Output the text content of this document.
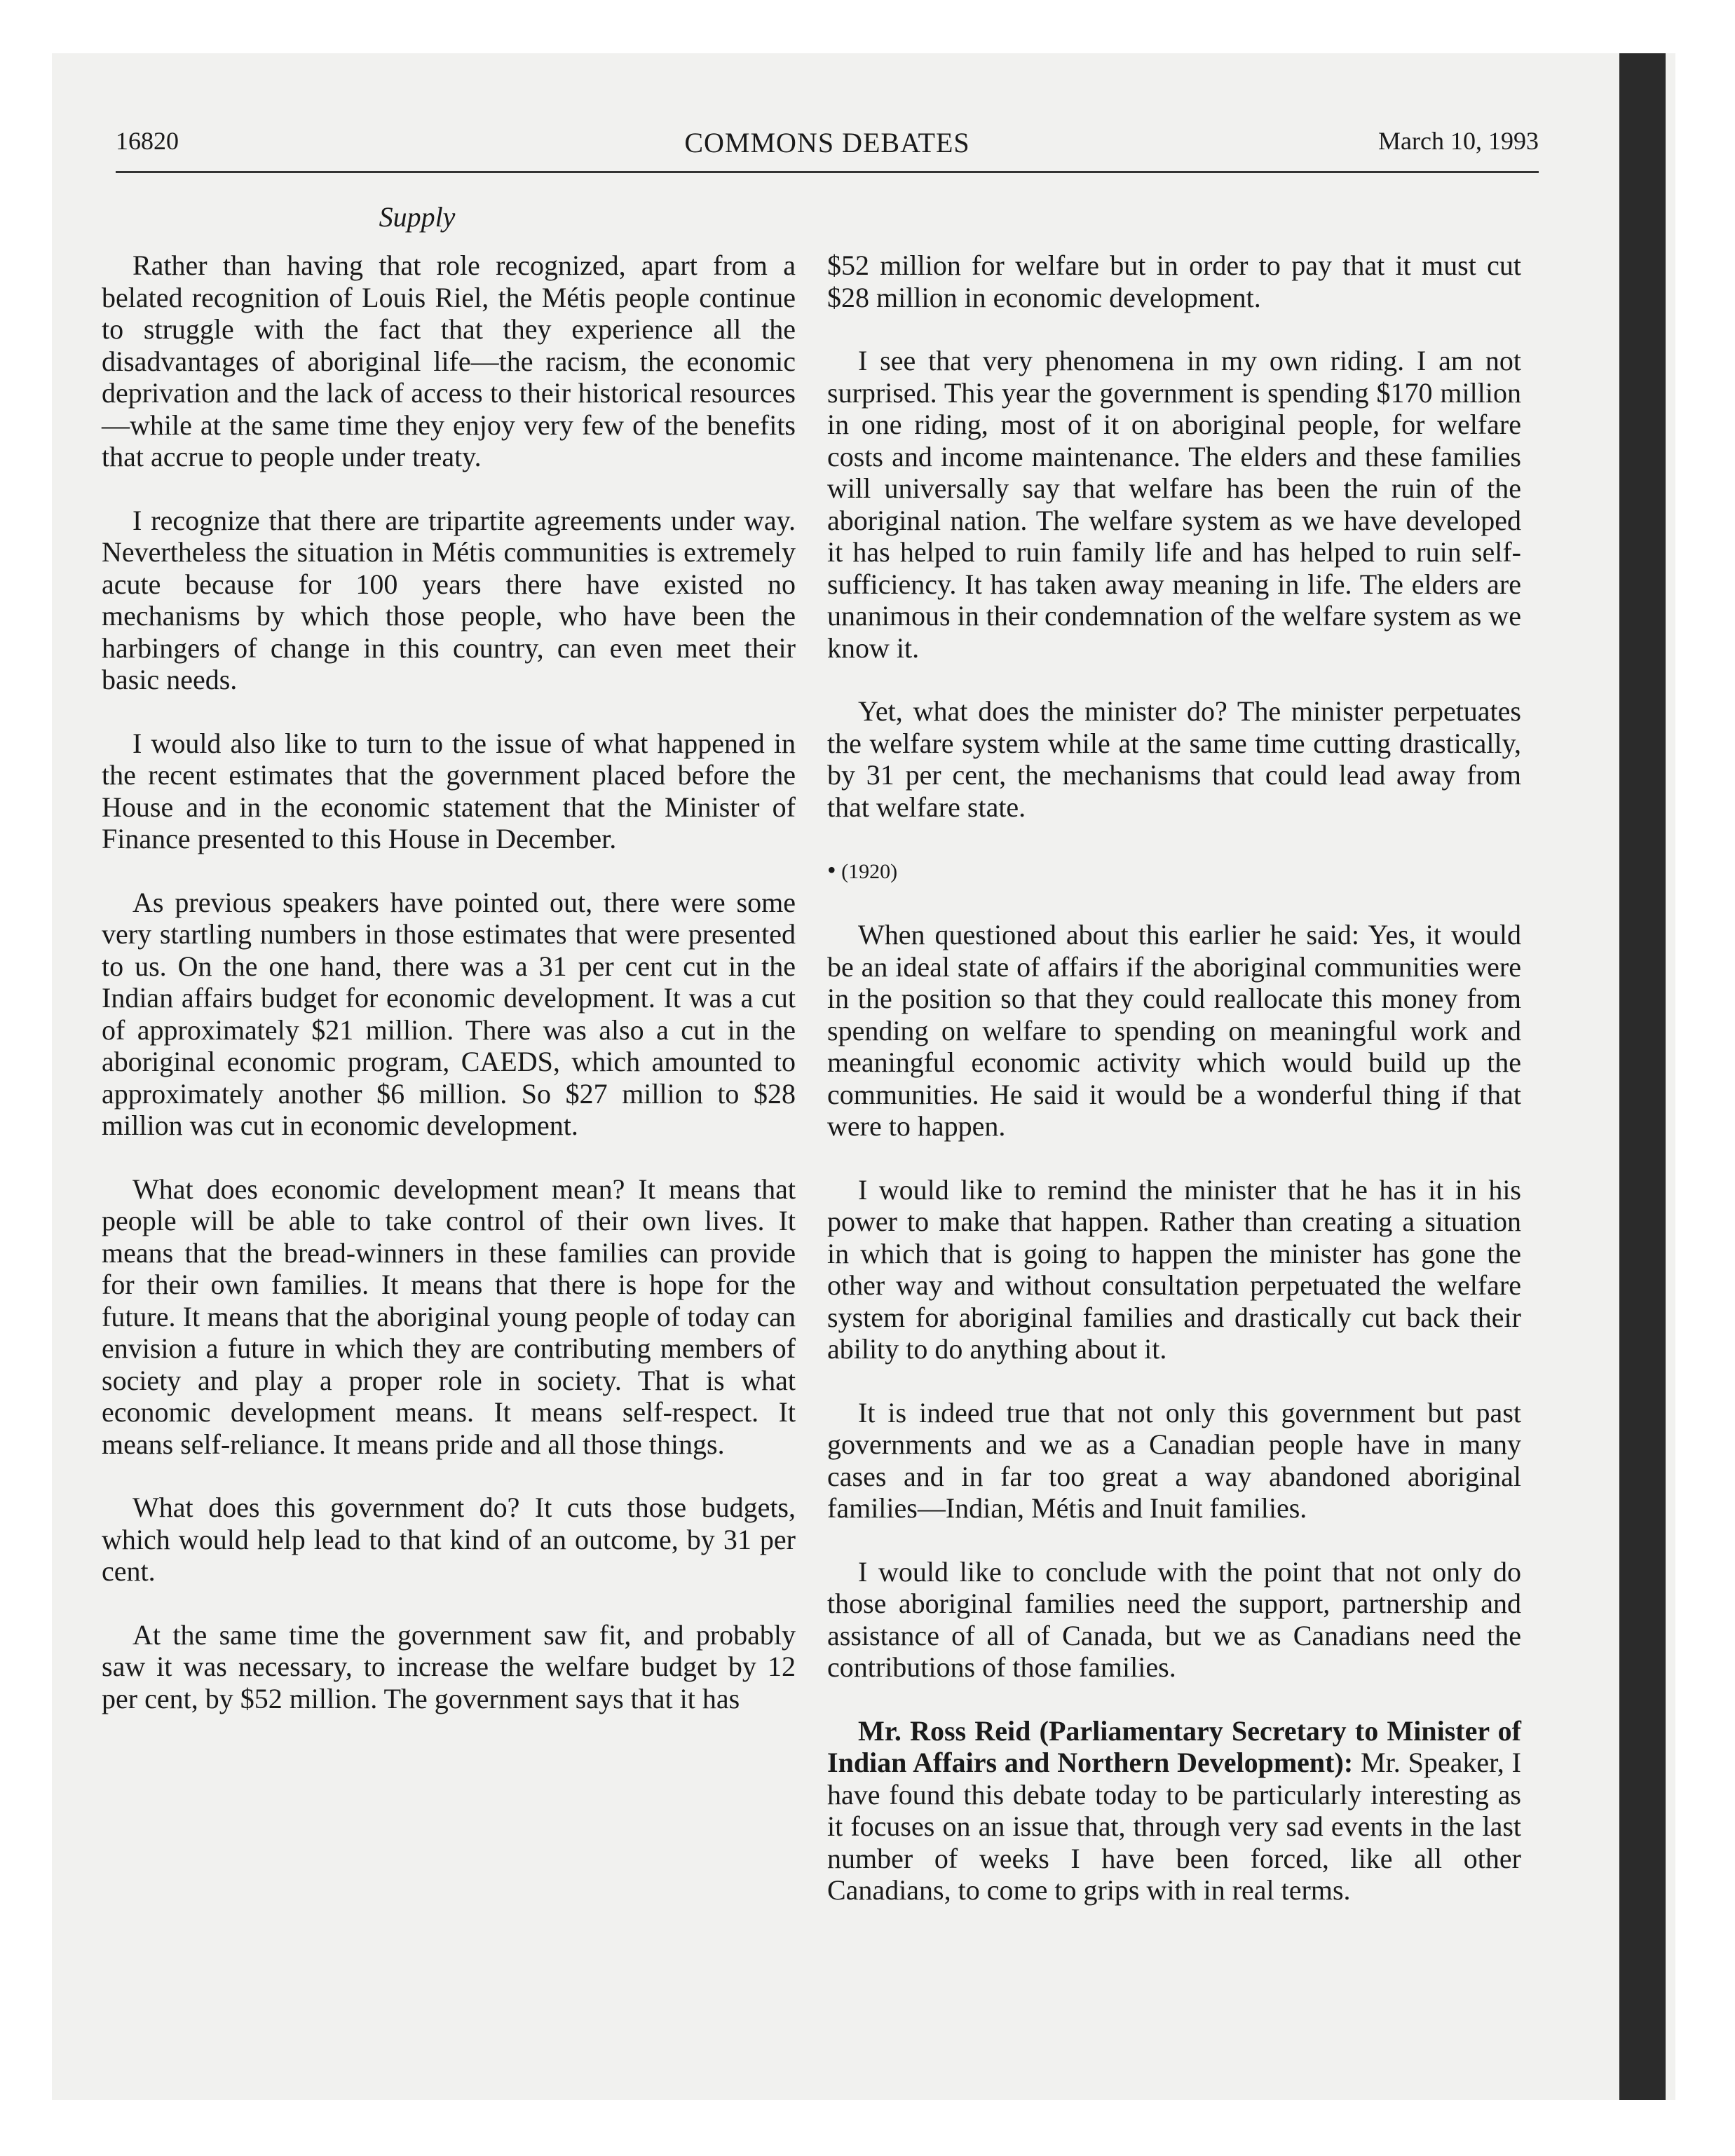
16820	COMMONS DEBATES	March 10, 1993
Supply

Rather than having that role recognized, apart from a belated recognition of Louis Riel, the Métis people continue to struggle with the fact that they experience all the disadvantages of aboriginal life—the racism, the economic deprivation and the lack of access to their historical resources—while at the same time they enjoy very few of the benefits that accrue to people under treaty.

I recognize that there are tripartite agreements under way. Nevertheless the situation in Métis communities is extremely acute because for 100 years there have existed no mechanisms by which those people, who have been the harbingers of change in this country, can even meet their basic needs.

I would also like to turn to the issue of what happened in the recent estimates that the government placed before the House and in the economic statement that the Minister of Finance presented to this House in December.

As previous speakers have pointed out, there were some very startling numbers in those estimates that were presented to us. On the one hand, there was a 31 per cent cut in the Indian affairs budget for economic development. It was a cut of approximately $21 million. There was also a cut in the aboriginal economic program, CAEDS, which amounted to approximately another $6 million. So $27 million to $28 million was cut in economic development.

What does economic development mean? It means that people will be able to take control of their own lives. It means that the bread-winners in these families can provide for their own families. It means that there is hope for the future. It means that the aboriginal young people of today can envision a future in which they are contributing members of society and play a proper role in society. That is what economic development means. It means self-respect. It means self-reliance. It means pride and all those things.

What does this government do? It cuts those budgets, which would help lead to that kind of an outcome, by 31 per cent.

At the same time the government saw fit, and probably saw it was necessary, to increase the welfare budget by 12 per cent, by $52 million. The government says that it has

$52 million for welfare but in order to pay that it must cut $28 million in economic development.

I see that very phenomena in my own riding. I am not surprised. This year the government is spending $170 million in one riding, most of it on aboriginal people, for welfare costs and income maintenance. The elders and these families will universally say that welfare has been the ruin of the aboriginal nation. The welfare system as we have developed it has helped to ruin family life and has helped to ruin self-sufficiency. It has taken away meaning in life. The elders are unanimous in their condemnation of the welfare system as we know it.

Yet, what does the minister do? The minister perpetuates the welfare system while at the same time cutting drastically, by 31 per cent, the mechanisms that could lead away from that welfare state.

• (1920)

When questioned about this earlier he said: Yes, it would be an ideal state of affairs if the aboriginal communities were in the position so that they could reallocate this money from spending on welfare to spending on meaningful work and meaningful economic activity which would build up the communities. He said it would be a wonderful thing if that were to happen.

I would like to remind the minister that he has it in his power to make that happen. Rather than creating a situation in which that is going to happen the minister has gone the other way and without consultation perpetuated the welfare system for aboriginal families and drastically cut back their ability to do anything about it.

It is indeed true that not only this government but past governments and we as a Canadian people have in many cases and in far too great a way abandoned aboriginal families—Indian, Métis and Inuit families.

I would like to conclude with the point that not only do those aboriginal families need the support, partnership and assistance of all of Canada, but we as Canadians need the contributions of those families.

Mr. Ross Reid (Parliamentary Secretary to Minister of Indian Affairs and Northern Development): Mr. Speaker, I have found this debate today to be particularly interesting as it focuses on an issue that, through very sad events in the last number of weeks I have been forced, like all other Canadians, to come to grips with in real terms.
